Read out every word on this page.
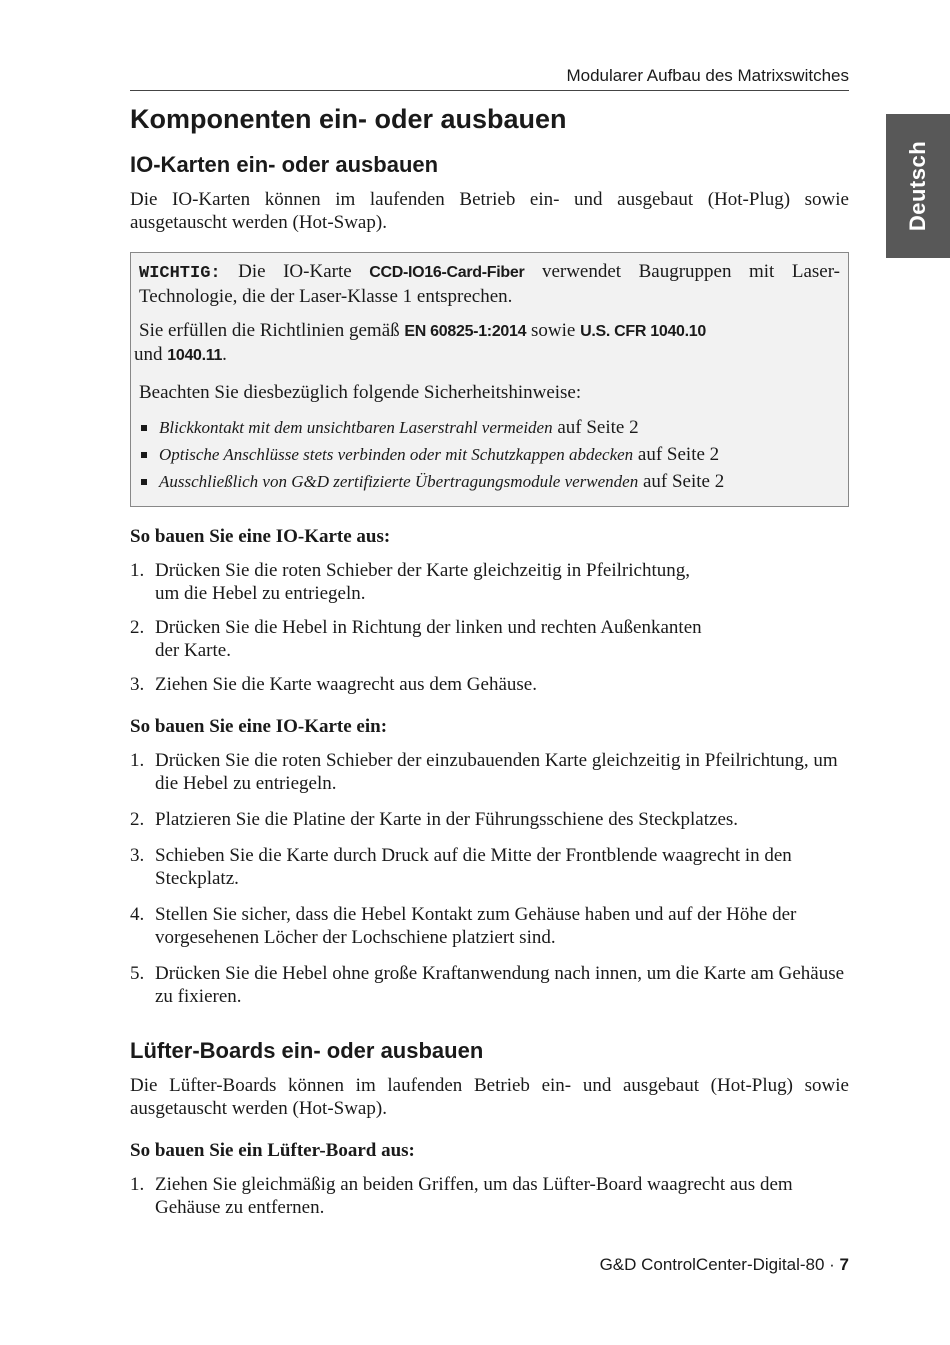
Modularer Aufbau des Matrixswitches
Deutsch
Komponenten ein- oder ausbauen
IO-Karten ein- oder ausbauen

Die IO-Karten können im laufenden Betrieb ein- und ausgebaut (Hot-Plug) sowie ausgetauscht werden (Hot-Swap).

WICHTIG: Die IO-Karte CCD-IO16-Card-Fiber verwendet Baugruppen mit Laser-Technologie, die der Laser-Klasse 1 entsprechen.

Sie erfüllen die Richtlinien gemäß EN 60825-1:2014 sowie U.S. CFR 1040.10
und 1040.11.

Beachten Sie diesbezüglich folgende Sicherheitshinweise:

Blickkontakt mit dem unsichtbaren Laserstrahl vermeiden auf Seite 2
Optische Anschlüsse stets verbinden oder mit Schutzkappen abdecken auf Seite 2
Ausschließlich von G&D zertifizierte Übertragungsmodule verwenden auf Seite 2
So bauen Sie eine IO-Karte aus:
1. Drücken Sie die roten Schieber der Karte gleichzeitig in Pfeilrichtung,
um die Hebel zu entriegeln.
2. Drücken Sie die Hebel in Richtung der linken und rechten Außenkanten
der Karte.
3. Ziehen Sie die Karte waagrecht aus dem Gehäuse.
So bauen Sie eine IO-Karte ein:
1. Drücken Sie die roten Schieber der einzubauenden Karte gleichzeitig in Pfeilrichtung, um die Hebel zu entriegeln.
2. Platzieren Sie die Platine der Karte in der Führungsschiene des Steckplatzes.
3. Schieben Sie die Karte durch Druck auf die Mitte der Frontblende waagrecht in den Steckplatz.
4. Stellen Sie sicher, dass die Hebel Kontakt zum Gehäuse haben und auf der Höhe der vorgesehenen Löcher der Lochschiene platziert sind.
5. Drücken Sie die Hebel ohne große Kraftanwendung nach innen, um die Karte am Gehäuse zu fixieren.
Lüfter-Boards ein- oder ausbauen

Die Lüfter-Boards können im laufenden Betrieb ein- und ausgebaut (Hot-Plug) sowie ausgetauscht werden (Hot-Swap).

So bauen Sie ein Lüfter-Board aus:
1. Ziehen Sie gleichmäßig an beiden Griffen, um das Lüfter-Board waagrecht aus dem Gehäuse zu entfernen.
G&D ControlCenter-Digital-80 · 7
